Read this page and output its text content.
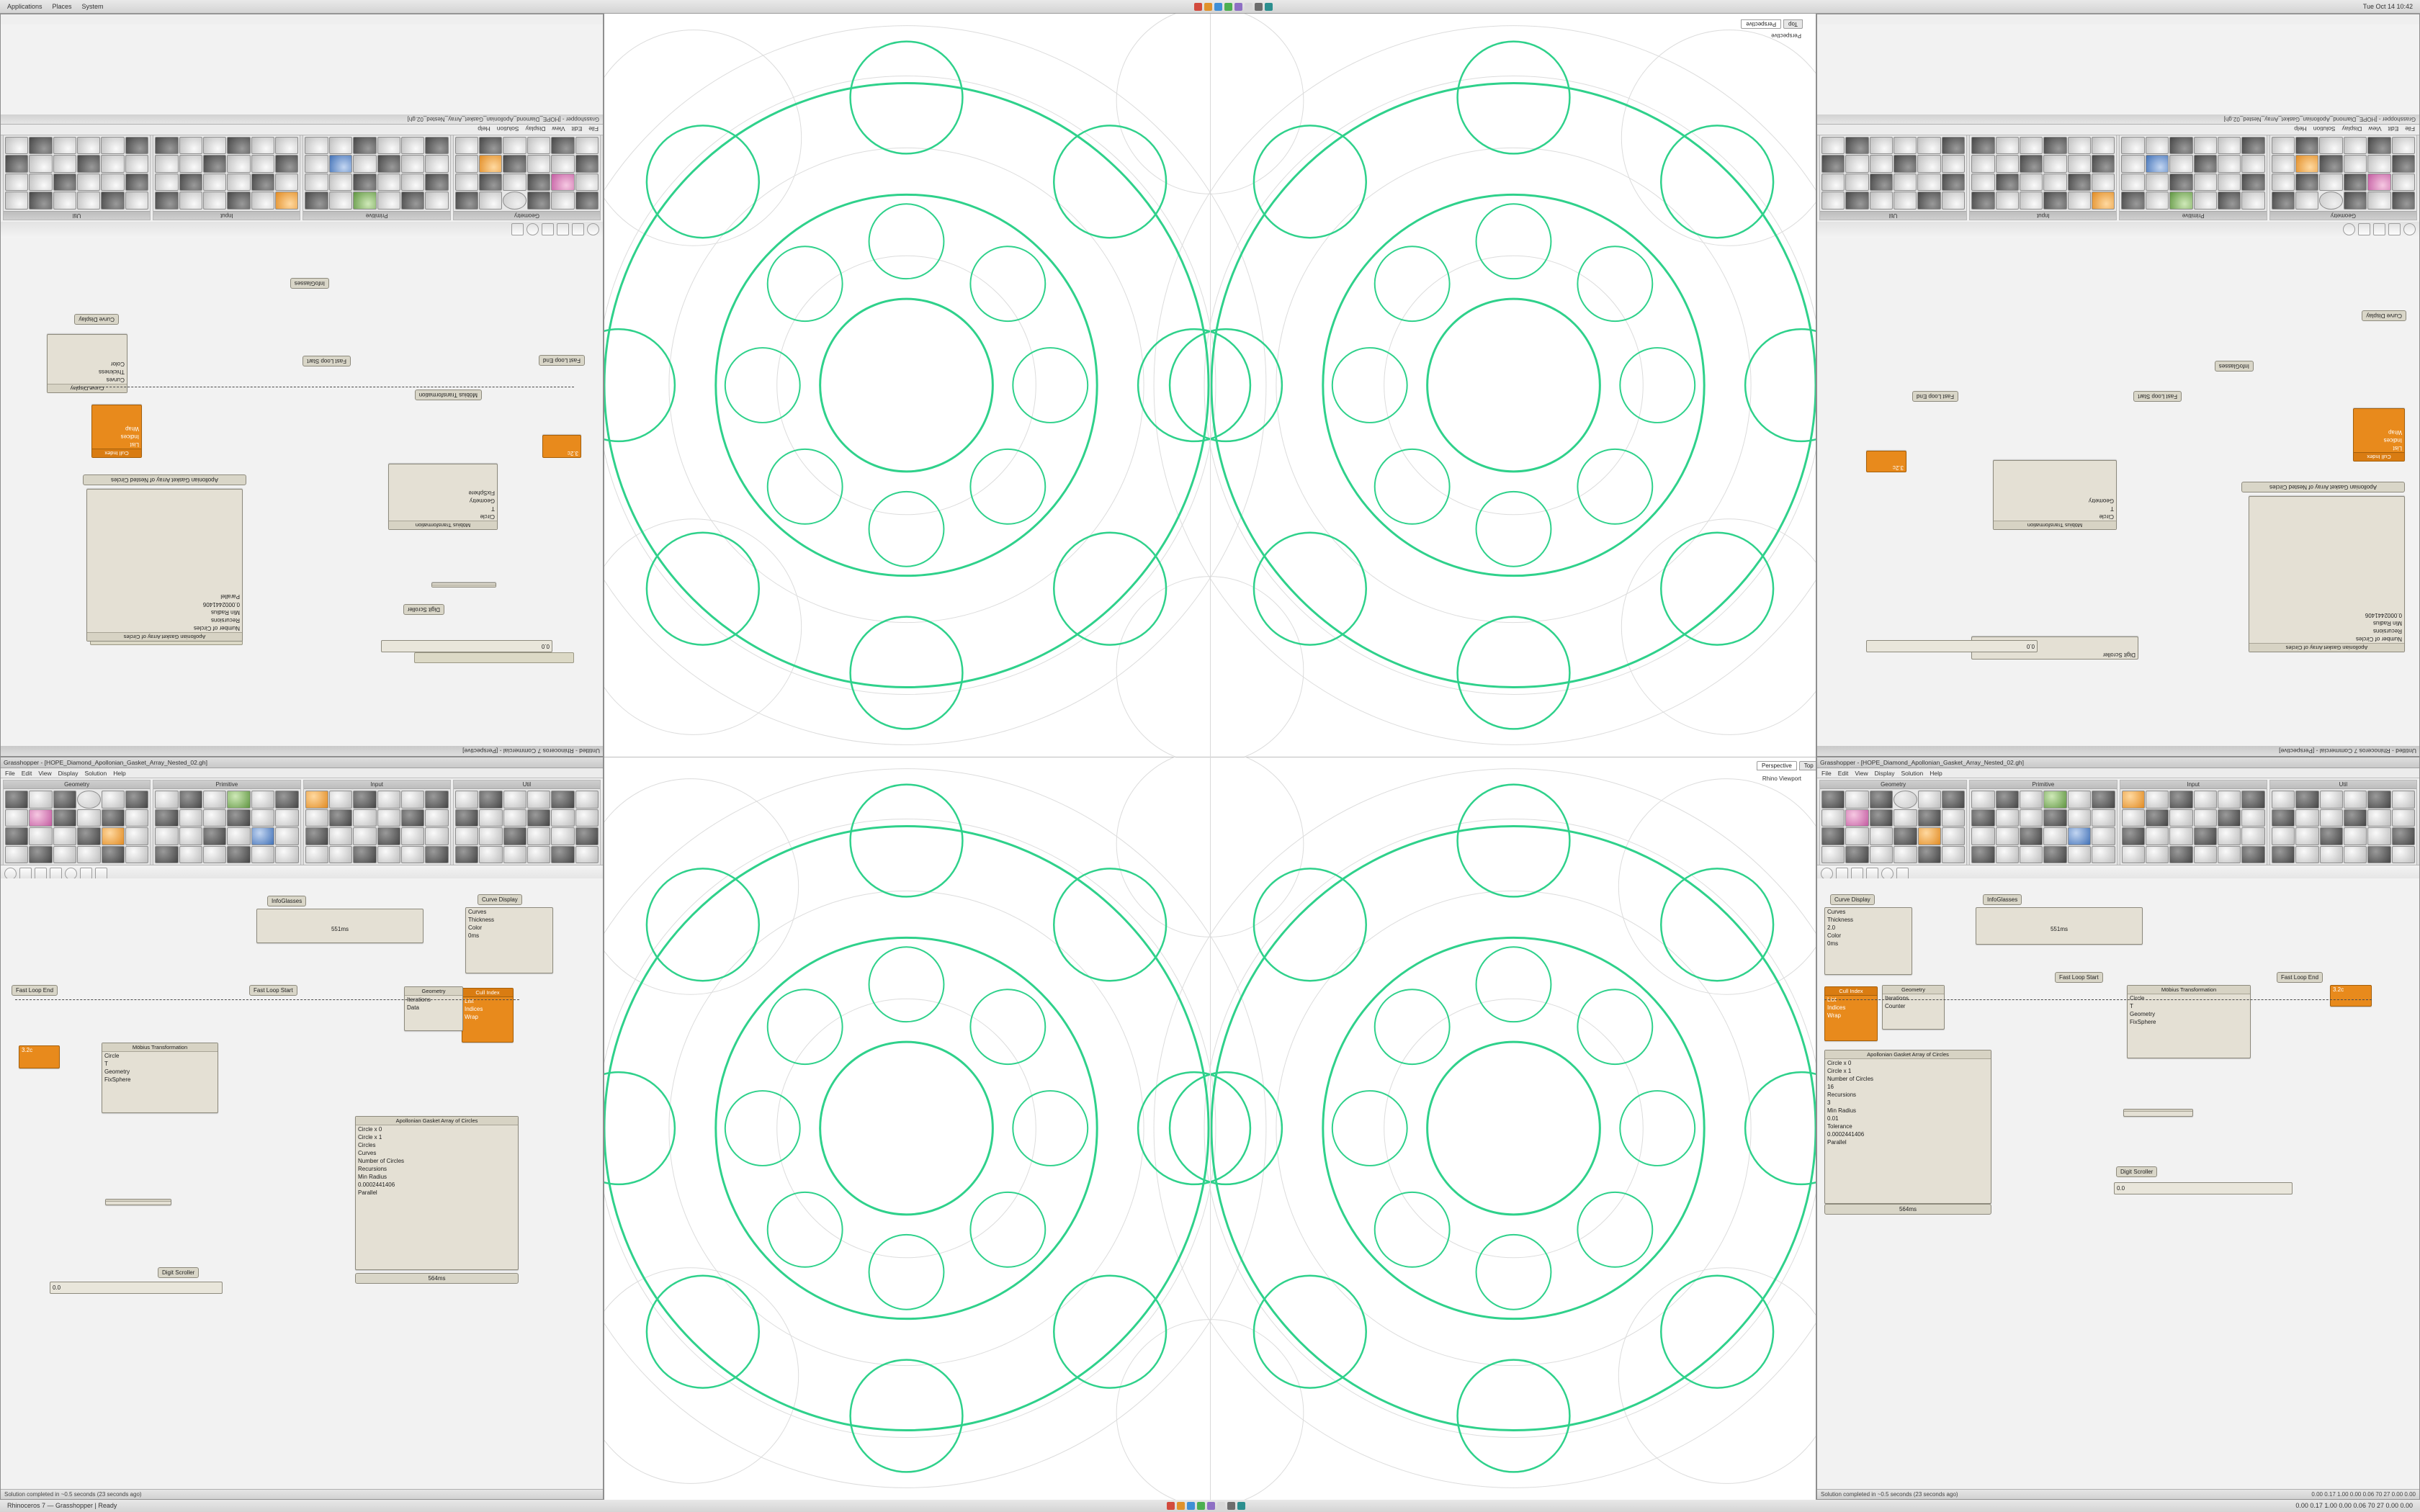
Applications	Places	System	Tue Oct 14 10:42
Untitled - Rhinoceros 7 Commercial - [Perspective]
Apollonian Gasket Array of Nested Circles
Curve Display
InfoGlasses
Fast Loop Start	Fast Loop End
Möbius Transformation
Digit Scroller
0.0
Möbius Transformation
Circle
T
Geometry
FixSphere
Cull Index
List
Indices
Wrap
Apollonian Gasket Array of Circles
Number of Circles
Recursions
Min Radius
0.0002441406
Parallel
Curve Display
Curves
Thickness
Color
3.2c
Geometry
Primitive
Input
Util
File
Edit
View
Display
Solution
Help
Grasshopper - [HOPE_Diamond_Apollonian_Gasket_Array_Nested_02.gh]
Grasshopper - [HOPE_Diamond_Apollonian_Gasket_Array_Nested_02.gh]
File Edit View Display Solution Help
Geometry	Primitive	Input	Util
InfoGlasses	Curve Display
551ms
Curves
Thickness
Color
0ms
Fast Loop Start
Fast Loop End	Cull Index
List
Indices
Wrap
Geometry
Iterations
Data
Möbius Transformation
Circle
T
Geometry
FixSphere
3.2c
Apollonian Gasket Array of Circles
Circle x 0
Circle x 1
Circles
Curves
Number of Circles
Recursions
Min Radius
0.0002441406
Parallel
564ms
Digit Scroller
0.0
Solution completed in ~0.5 seconds (23 seconds ago)
Top
Perspective
Perspective
Perspective	Top
Rhino Viewport
Untitled - Rhinoceros 7 Commercial - [Perspective]
Apollonian Gasket Array of Nested Circles
Apollonian Gasket Array of Circles
Number of Circles
Recursions
Min Radius
0.0002441406
Digit Scroller
Cull Index
List
Indices
Wrap
Möbius Transformation
Circle
T
Geometry
Curve Display
InfoGlasses
Fast Loop Start
Fast Loop End
3.2c
0.0
Geometry
Primitive
Input
Util
File
Edit
View
Display
Solution
Help
Grasshopper - [HOPE_Diamond_Apollonian_Gasket_Array_Nested_02.gh]
Grasshopper - [HOPE_Diamond_Apollonian_Gasket_Array_Nested_02.gh]
File Edit View Display Solution Help
Geometry	Primitive	Input	Util
Curve Display	InfoGlasses
Curves
Thickness
2.0
Color
0ms
551ms
Fast Loop Start	Fast Loop End
Cull Index
List
Indices
Wrap
Geometry
Iterations
Counter
Möbius Transformation
Circle
T
Geometry
FixSphere
3.2c
Apollonian Gasket Array of Circles
Circle x 0
Circle x 1
Number of Circles
16
Recursions
3
Min Radius
0.01
Tolerance
0.0002441406
Parallel
564ms
Digit Scroller
0.0
Solution completed in ~0.5 seconds (23 seconds ago)	0.00 0.17 1.00 0.00 0.06 70 27 0.00 0.00
Rhinoceros 7 — Grasshopper | Ready	0.00 0.17 1.00 0.00 0.06 70 27 0.00 0.00
